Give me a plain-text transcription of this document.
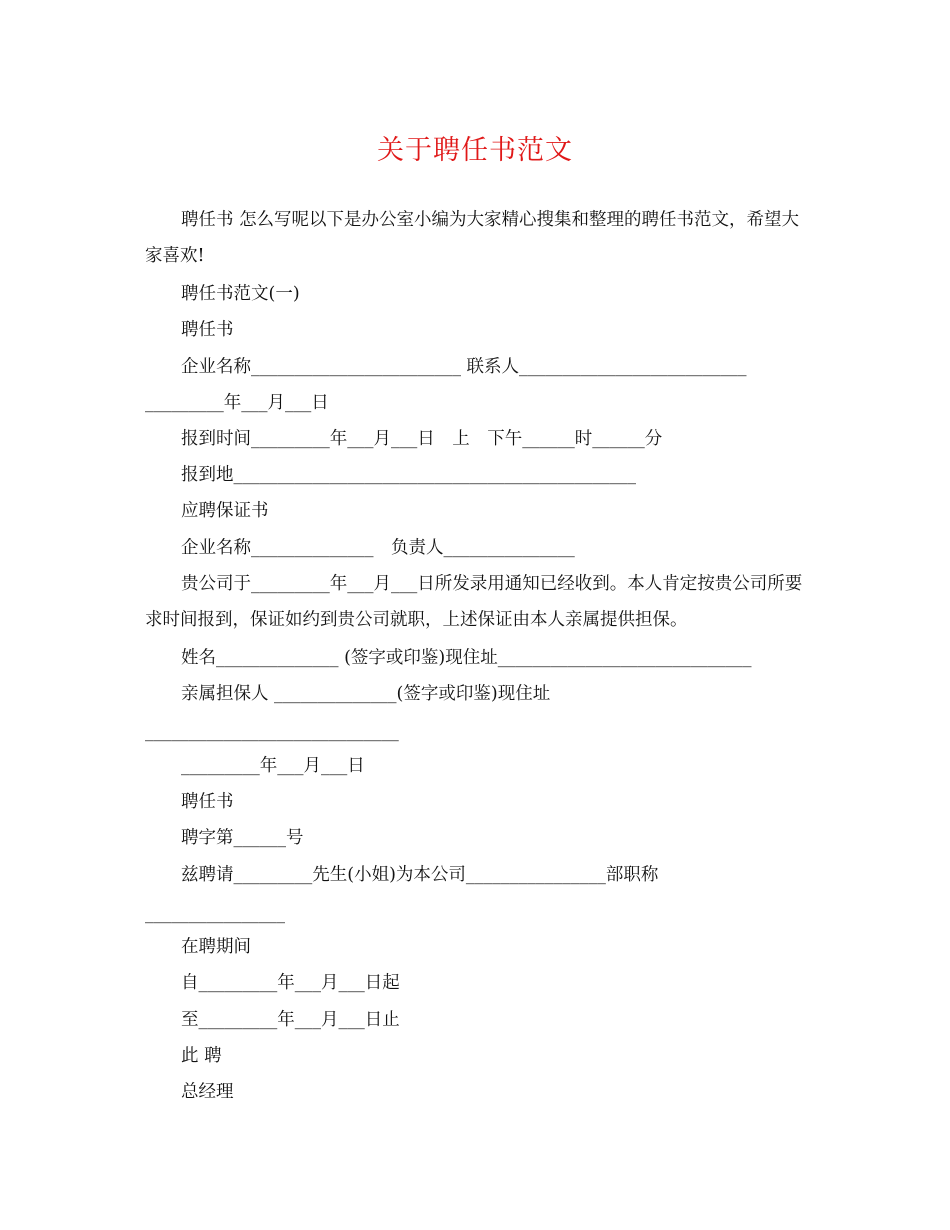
关于聘任书范文
聘任书 怎么写呢以下是办公室小编为大家精心搜集和整理的聘任书范文，希望大家喜欢!
聘任书范文(一)
聘任书
企业名称________________________ 联系人__________________________
_________年___月___日
报到时间_________年___月___日　上　下午______时______分
报到地______________________________________________
应聘保证书
企业名称______________　负责人_______________
贵公司于_________年___月___日所发录用通知已经收到。本人肯定按贵公司所要求时间报到，保证如约到贵公司就职，上述保证由本人亲属提供担保。
姓名______________ (签字或印鉴)现住址_____________________________
亲属担保人 ______________(签字或印鉴)现住址
_____________________________
_________年___月___日
聘任书
聘字第______号
兹聘请_________先生(小姐)为本公司________________部职称
________________
在聘期间
自_________年___月___日起
至_________年___月___日止
此 聘
总经理
